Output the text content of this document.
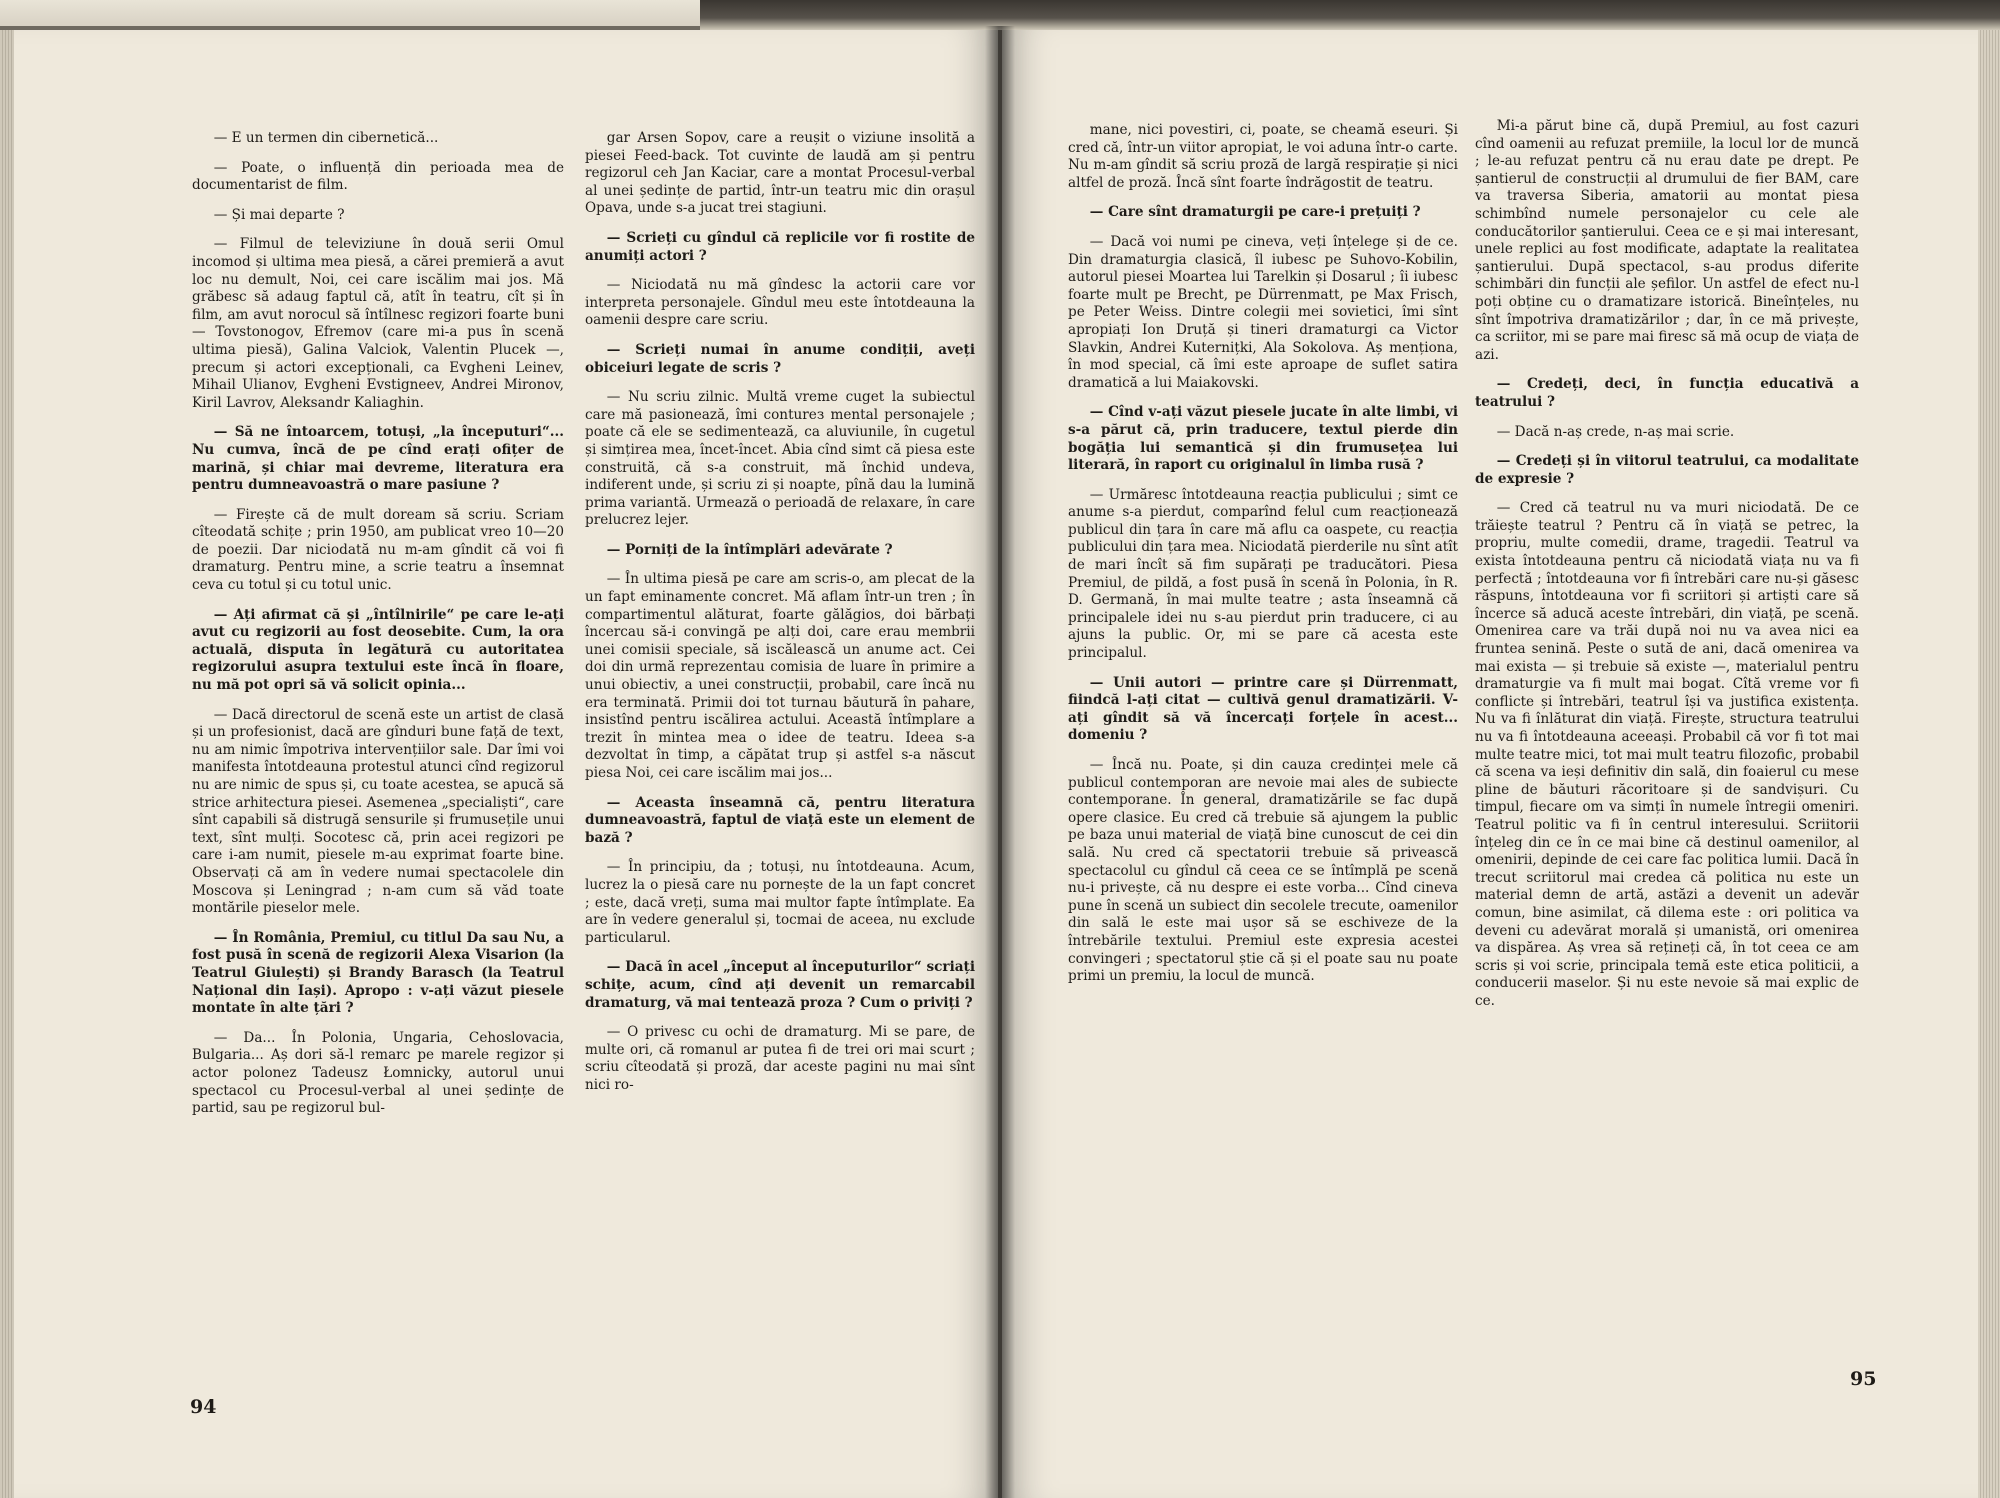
— E un termen din cibernetică...

— Poate, o influență din perioada mea de documentarist de film.

— Și mai departe ?

— Filmul de televiziune în două serii Omul incomod și ultima mea piesă, a cărei premieră a avut loc nu demult, Noi, cei care iscălim mai jos. Mă grăbesc să adaug faptul că, atît în teatru, cît și în film, am avut norocul să întîlnesc regizori foarte buni — Tovstonogov, Efremov (care mi-a pus în scenă ultima piesă), Galina Valciok, Valentin Plucek —, precum și actori excepționali, ca Evgheni Leinev, Mihail Ulianov, Evgheni Evstigneev, Andrei Mironov, Kiril Lavrov, Aleksandr Kaliaghin.

— Să ne întoarcem, totuși, „la începuturi“... Nu cumva, încă de pe cînd erați ofițer de marină, și chiar mai devreme, literatura era pentru dumneavoastră o mare pasiune ?

— Firește că de mult doream să scriu. Scriam cîteodată schițe ; prin 1950, am publicat vreo 10—20 de poezii. Dar niciodată nu m-am gîndit că voi fi dramaturg. Pentru mine, a scrie teatru a însemnat ceva cu totul și cu totul unic.

— Ați afirmat că și „întîlnirile“ pe care le-ați avut cu regizorii au fost deosebite. Cum, la ora actuală, disputa în legătură cu autoritatea regizorului asupra textului este încă în floare, nu mă pot opri să vă solicit opinia...

— Dacă directorul de scenă este un artist de clasă și un profesionist, dacă are gînduri bune față de text, nu am nimic împotriva intervențiilor sale. Dar îmi voi manifesta întotdeauna protestul atunci cînd regizorul nu are nimic de spus și, cu toate acestea, se apucă să strice arhitectura piesei. Asemenea „specialiști“, care sînt capabili să distrugă sensurile și frumusețile unui text, sînt mulți. Socotesc că, prin acei regizori pe care i-am numit, piesele m-au exprimat foarte bine. Observați că am în vedere numai spectacolele din Moscova și Leningrad ; n-am cum să văd toate montările pieselor mele.

— În România, Premiul, cu titlul Da sau Nu, a fost pusă în scenă de regizorii Alexa Visarion (la Teatrul Giulești) și Brandy Barasch (la Teatrul Național din Iași). Apropo : v-ați văzut piesele montate în alte țări ?

— Da... În Polonia, Ungaria, Cehoslovacia, Bulgaria... Aș dori să-l remarc pe marele regizor și actor polonez Tadeusz Łomnicky, autorul unui spectacol cu Procesul-verbal al unei ședințe de partid, sau pe regizorul bul-

gar Arsen Sopov, care a reușit o viziune insolită a piesei Feed-back. Tot cuvinte de laudă am și pentru regizorul ceh Jan Kaciar, care a montat Procesul-verbal al unei ședințe de partid, într-un teatru mic din orașul Opava, unde s-a jucat trei stagiuni.

— Scrieți cu gîndul că replicile vor fi rostite de anumiți actori ?

— Niciodată nu mă gîndesc la actorii care vor interpreta personajele. Gîndul meu este întotdeauna la oamenii despre care scriu.

— Scrieți numai în anume condiții, aveți obiceiuri legate de scris ?

— Nu scriu zilnic. Multă vreme cuget la subiectul care mă pasionează, îmi contureз mental personajele ; poate că ele se sedimentează, ca aluviunile, în cugetul și simțirea mea, încet-încet. Abia cînd simt că piesa este construită, că s-a construit, mă închid undeva, indiferent unde, și scriu zi și noapte, pînă dau la lumină prima variantă. Urmează o perioadă de relaxare, în care prelucrez lejer.

— Porniți de la întîmplări adevărate ?

— În ultima piesă pe care am scris-o, am plecat de la un fapt eminamente concret. Mă aflam într-un tren ; în compartimentul alăturat, foarte gălăgios, doi bărbați încercau să-i convingă pe alți doi, care erau membrii unei comisii speciale, să iscălească un anume act. Cei doi din urmă reprezentau comisia de luare în primire a unui obiectiv, a unei construcții, probabil, care încă nu era terminată. Primii doi tot turnau băutură în pahare, insistînd pentru iscălirea actului. Această întîmplare a trezit în mintea mea o idee de teatru. Ideea s-a dezvoltat în timp, a căpătat trup și astfel s-a născut piesa Noi, cei care iscălim mai jos...

— Aceasta înseamnă că, pentru literatura dumneavoastră, faptul de viață este un element de bază ?

— În principiu, da ; totuși, nu întotdeauna. Acum, lucrez la o piesă care nu pornește de la un fapt concret ; este, dacă vreți, suma mai multor fapte întîmplate. Ea are în vedere generalul și, tocmai de aceea, nu exclude particularul.

— Dacă în acel „început al începuturilor“ scriați schițe, acum, cînd ați devenit un remarcabil dramaturg, vă mai tentează proza ? Cum o priviți ?

— O privesc cu ochi de dramaturg. Mi se pare, de multe ori, că romanul ar putea fi de trei ori mai scurt ; scriu cîteodată și proză, dar aceste pagini nu mai sînt nici ro-

94

mane, nici povestiri, ci, poate, se cheamă eseuri. Și cred că, într-un viitor apropiat, le voi aduna într-o carte. Nu m-am gîndit să scriu proză de largă respirație și nici altfel de proză. Încă sînt foarte îndrăgostit de teatru.

— Care sînt dramaturgii pe care-i prețuiți ?

— Dacă voi numi pe cineva, veți înțelege și de ce. Din dramaturgia clasică, îl iubesc pe Suhovo-Kobilin, autorul piesei Moartea lui Tarelkin și Dosarul ; îi iubesc foarte mult pe Brecht, pe Dürrenmatt, pe Max Frisch, pe Peter Weiss. Dintre colegii mei sovietici, îmi sînt apropiați Ion Druță și tineri dramaturgi ca Victor Slavkin, Andrei Kuternițki, Ala Sokolova. Aș menționa, în mod special, că îmi este aproape de suflet satira dramatică a lui Maiakovski.

— Cînd v-ați văzut piesele jucate în alte limbi, vi s-a părut că, prin traducere, textul pierde din bogăția lui semantică și din frumusețea lui literară, în raport cu originalul în limba rusă ?

— Urmăresc întotdeauna reacția publicului ; simt ce anume s-a pierdut, comparînd felul cum reacționează publicul din țara în care mă aflu ca oaspete, cu reacția publicului din țara mea. Niciodată pierderile nu sînt atît de mari încît să fim supărați pe traducători. Piesa Premiul, de pildă, a fost pusă în scenă în Polonia, în R. D. Germană, în mai multe teatre ; asta înseamnă că principalele idei nu s-au pierdut prin traducere, ci au ajuns la public. Or, mi se pare că acesta este principalul.

— Unii autori — printre care și Dürrenmatt, fiindcă l-ați citat — cultivă genul dramatizării. V-ați gîndit să vă încercați forțele în acest... domeniu ?

— Încă nu. Poate, și din cauza credinței mele că publicul contemporan are nevoie mai ales de subiecte contemporane. În general, dramatizările se fac după opere clasice. Eu cred că trebuie să ajungem la public pe baza unui material de viață bine cunoscut de cei din sală. Nu cred că spectatorii trebuie să privească spectacolul cu gîndul că ceea ce se întîmplă pe scenă nu-i privește, că nu despre ei este vorba... Cînd cineva pune în scenă un subiect din secolele trecute, oamenilor din sală le este mai ușor să se eschiveze de la întrebările textului. Premiul este expresia acestei convingeri ; spectatorul știe că și el poate sau nu poate primi un premiu, la locul de muncă.

Mi-a părut bine că, după Premiul, au fost cazuri cînd oamenii au refuzat premiile, la locul lor de muncă ; le-au refuzat pentru că nu erau date pe drept. Pe șantierul de construcții al drumului de fier BAM, care va traversa Siberia, amatorii au montat piesa schimbînd numele personajelor cu cele ale conducătorilor șantierului. Ceea ce e și mai interesant, unele replici au fost modificate, adaptate la realitatea șantierului. După spectacol, s-au produs diferite schimbări din funcții ale șefilor. Un astfel de efect nu-l poți obține cu o dramatizare istorică. Bineînțeles, nu sînt împotriva dramatizărilor ; dar, în ce mă privește, ca scriitor, mi se pare mai firesc să mă ocup de viața de azi.

— Credeți, deci, în funcția educativă a teatrului ?

— Dacă n-aș crede, n-aș mai scrie.

— Credeți și în viitorul teatrului, ca modalitate de expresie ?

— Cred că teatrul nu va muri niciodată. De ce trăiește teatrul ? Pentru că în viață se petrec, la propriu, multe comedii, drame, tragedii. Teatrul va exista întotdeauna pentru că niciodată viața nu va fi perfectă ; întotdeauna vor fi întrebări care nu-și găsesc răspuns, întotdeauna vor fi scriitori și artiști care să încerce să aducă aceste întrebări, din viață, pe scenă. Omenirea care va trăi după noi nu va avea nici ea fruntea senină. Peste o sută de ani, dacă omenirea va mai exista — și trebuie să existe —, materialul pentru dramaturgie va fi mult mai bogat. Cîtă vreme vor fi conflicte și întrebări, teatrul își va justifica existența. Nu va fi înlăturat din viață. Firește, structura teatrului nu va fi întotdeauna aceeași. Probabil că vor fi tot mai multe teatre mici, tot mai mult teatru filozofic, probabil că scena va ieși definitiv din sală, din foaierul cu mese pline de băuturi răcoritoare și de sandvișuri. Cu timpul, fiecare om va simți în numele întregii omeniri. Teatrul politic va fi în centrul interesului. Scriitorii înțeleg din ce în ce mai bine că destinul oamenilor, al omenirii, depinde de cei care fac politica lumii. Dacă în trecut scriitorul mai credea că politica nu este un material demn de artă, astăzi a devenit un adevăr comun, bine asimilat, că dilema este : ori politica va deveni cu adevărat morală și umanistă, ori omenirea va dispărea. Aș vrea să rețineți că, în tot ceea ce am scris și voi scrie, principala temă este etica politicii, a conducerii maselor. Și nu este nevoie să mai explic de ce.

95
